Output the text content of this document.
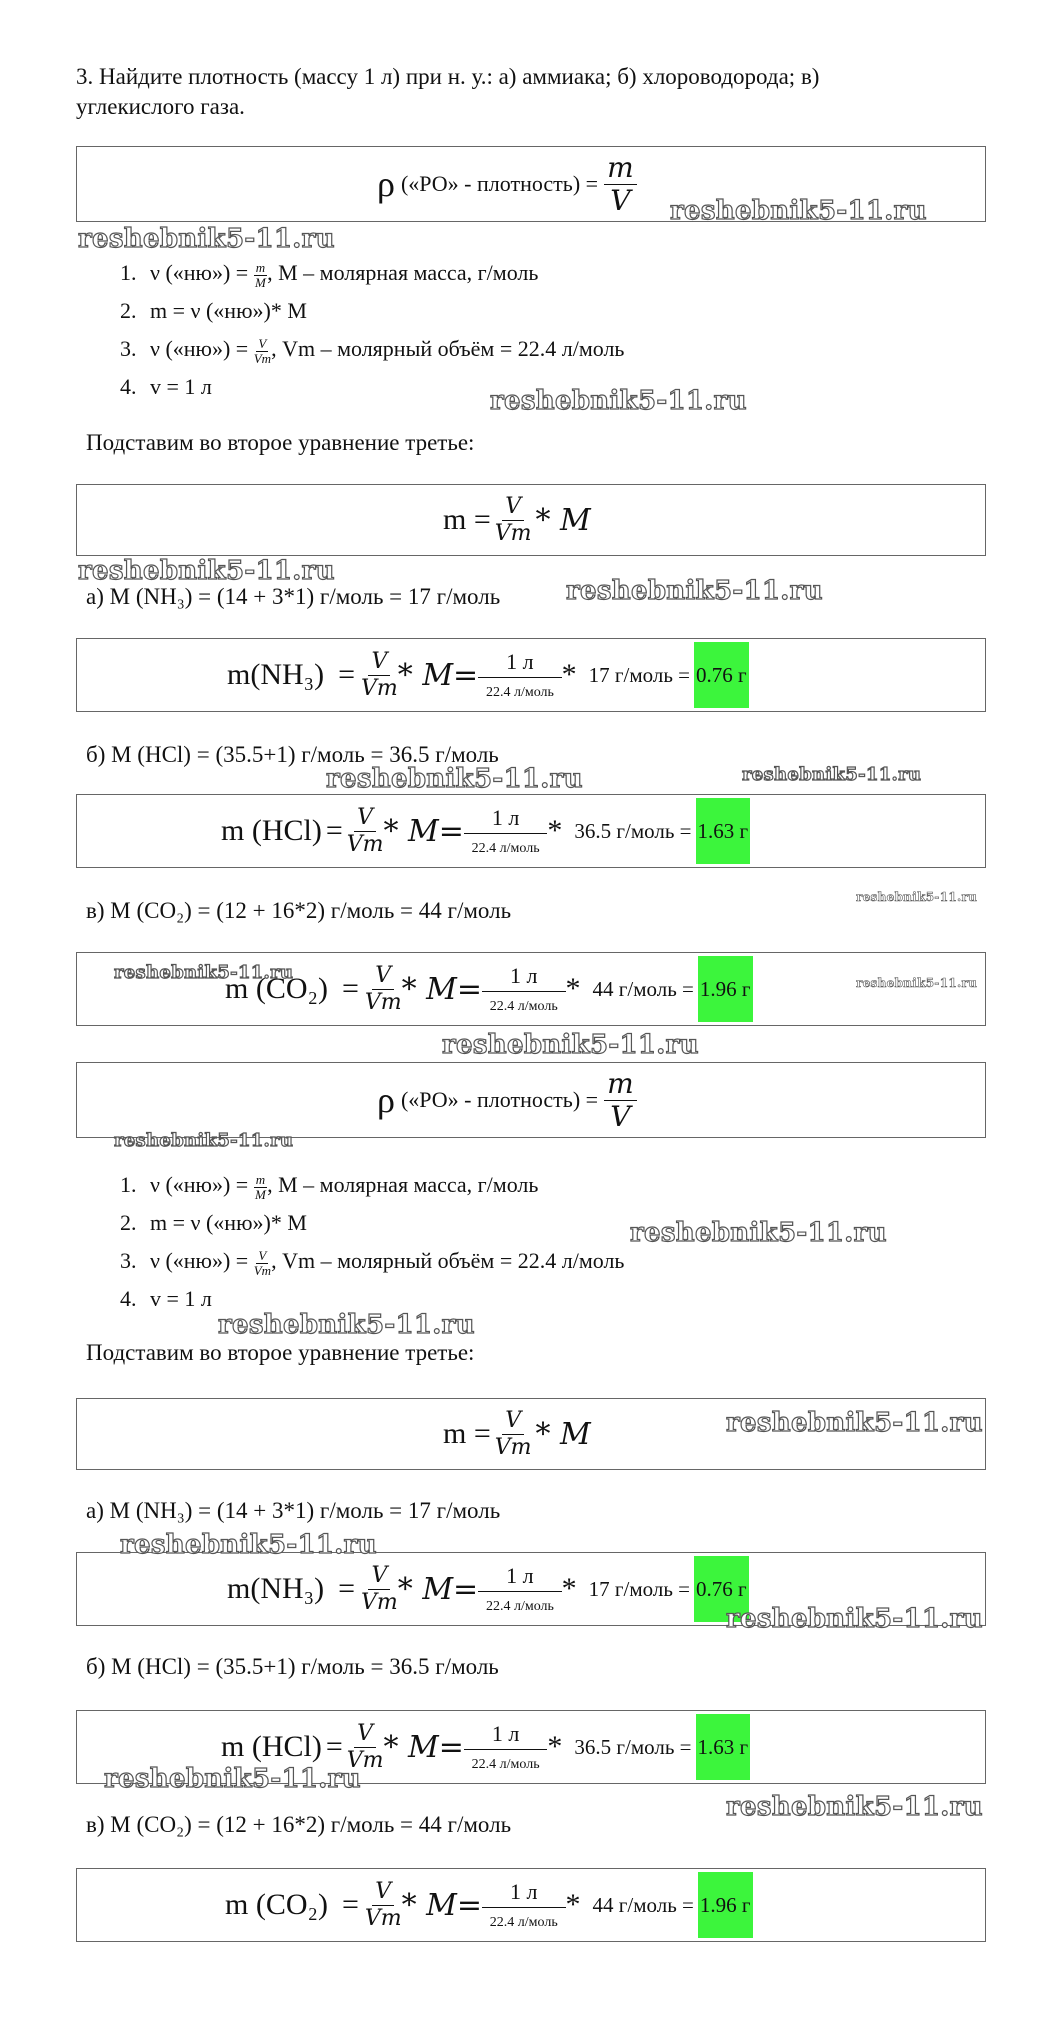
3. Найдите плотность (массу 1 л) при н. у.: а) аммиака; б) хлороводорода; в)
углекислого газа.
ρ («РО» - плотность) = $\frac{m}{V}$
1. ν («ню») = $\frac{m}{M}$ , M – молярная масса, г/моль
2. m = ν («ню»)* M
3. ν («ню») = $\frac{V}{Vm}$ , Vm – молярный объём = 22.4 л/моль
4. v = 1 л
Подставим во второе уравнение третье:
$m = \frac{V}{Vm} * M$
а) M (NH₃) = (14 + 3*1) г/моль = 17 г/моль
$m(NH_3) = \frac{V}{Vm} * M= \frac{1 л}{\text{22.4 л/моль}} * 17$ г/моль = 0.76 г
б) M (HCl) = (35.5+1) г/моль = 36.5 г/моль
m $(HCl) = \frac{V}{Vm} * M= \frac{1 л}{\text{22.4 л/моль}} * 36.5$ г/моль = 1.63 г
в) M (CO₂) = (12 + 16*2) г/моль = 44 г/моль
m $(CO_2) = \frac{V}{Vm} * M= \frac{1 л}{\text{22.4 л/моль}} * 44$ г/моль = 1.96 г
ρ («РО» - плотность) = $\frac{m}{V}$
1. ν («ню») = $\frac{m}{M}$ , M – молярная масса, г/моль
2. m = ν («ню»)* M
3. ν («ню») = $\frac{V}{Vm}$ , Vm – молярный объём = 22.4 л/моль
4. v = 1 л
Подставим во второе уравнение третье:
$m = \frac{V}{Vm} * M$
а) M (NH₃) = (14 + 3*1) г/моль = 17 г/моль
$m(NH_3) = \frac{V}{Vm} * M= \frac{1 л}{\text{22.4 л/моль}} * 17$ г/моль = 0.76 г
б) M (HCl) = (35.5+1) г/моль = 36.5 г/моль
m $(HCl) = \frac{V}{Vm} * M= \frac{1 л}{\text{22.4 л/моль}} * 36.5$ г/моль = 1.63 г
в) M (CO₂) = (12 + 16*2) г/моль = 44 г/моль
m $(CO_2) = \frac{V}{Vm} * M= \frac{1 л}{\text{22.4 л/моль}} * 44$ г/моль = 1.96 г
reshebnik5-11.ru
reshebnik5-11.ru
reshebnik5-11.ru
reshebnik5-11.ru
reshebnik5-11.ru
reshebnik5-11.ru	reshebnik5-11.ru
reshebnik5-11.ru
reshebnik5-11.ru	reshebnik5-11.ru
reshebnik5-11.ru
reshebnik5-11.ru
reshebnik5-11.ru
reshebnik5-11.ru
reshebnik5-11.ru
reshebnik5-11.ru
reshebnik5-11.ru
reshebnik5-11.ru
reshebnik5-11.ru
